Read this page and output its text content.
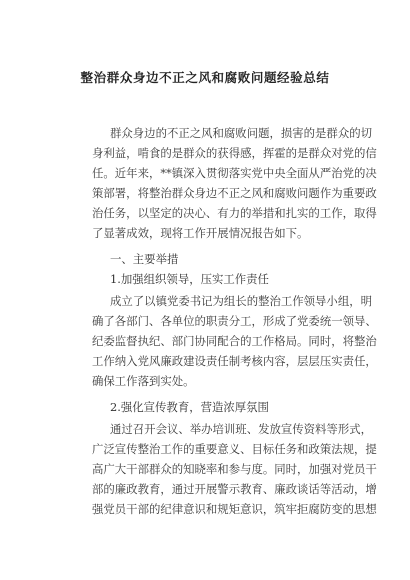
整治群众身边不正之风和腐败问题经验总结
群众身边的不正之风和腐败问题，损害的是群众的切
身利益，啃食的是群众的获得感，挥霍的是群众对党的信
任。近年来，**镇深入贯彻落实党中央全面从严治党的决
策部署，将整治群众身边不正之风和腐败问题作为重要政
治任务，以坚定的决心、有力的举措和扎实的工作，取得
了显著成效，现将工作开展情况报告如下。
一、主要举措
1.加强组织领导，压实工作责任
成立了以镇党委书记为组长的整治工作领导小组，明
确了各部门、各单位的职责分工，形成了党委统一领导、
纪委监督执纪、部门协同配合的工作格局。同时，将整治
工作纳入党风廉政建设责任制考核内容，层层压实责任，
确保工作落到实处。
2.强化宣传教育，营造浓厚氛围
通过召开会议、举办培训班、发放宣传资料等形式，
广泛宣传整治工作的重要意义、目标任务和政策法规，提
高广大干部群众的知晓率和参与度。同时，加强对党员干
部的廉政教育，通过开展警示教育、廉政谈话等活动，增
强党员干部的纪律意识和规矩意识，筑牢拒腐防变的思想
